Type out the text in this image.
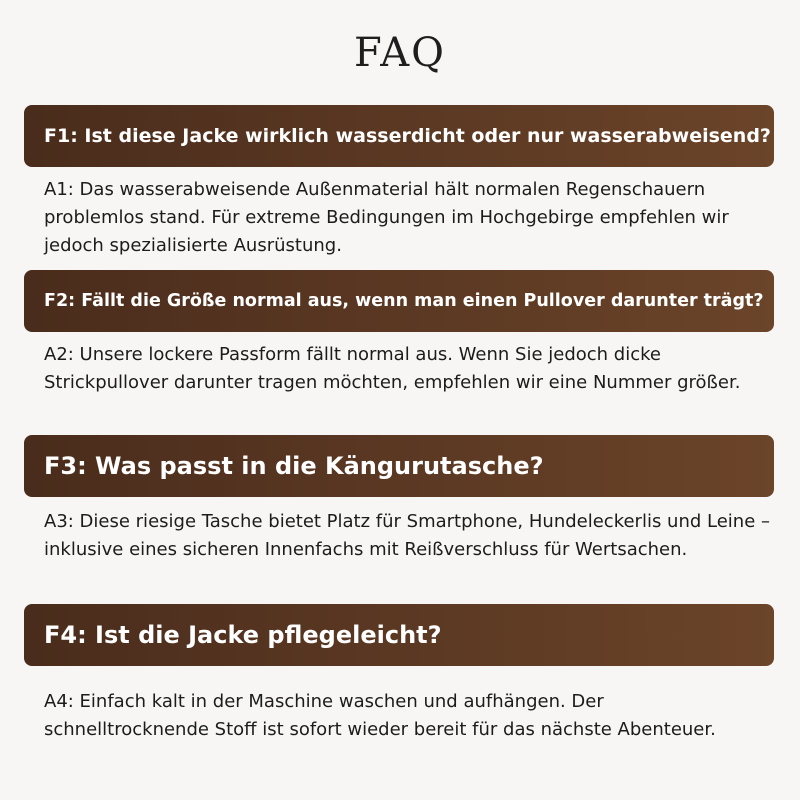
FAQ
F1: Ist diese Jacke wirklich wasserdicht oder nur wasserabweisend?
A1: Das wasserabweisende Außenmaterial hält normalen Regenschauern problemlos stand. Für extreme Bedingungen im Hochgebirge empfehlen wir jedoch spezialisierte Ausrüstung.
F2: Fällt die Größe normal aus, wenn man einen Pullover darunter trägt?
A2: Unsere lockere Passform fällt normal aus. Wenn Sie jedoch dicke Strickpullover darunter tragen möchten, empfehlen wir eine Nummer größer.
F3: Was passt in die Kängurutasche?
A3: Diese riesige Tasche bietet Platz für Smartphone, Hundeleckerlis und Leine – inklusive eines sicheren Innenfachs mit Reißverschluss für Wertsachen.
F4: Ist die Jacke pflegeleicht?
A4: Einfach kalt in der Maschine waschen und aufhängen. Der schnelltrocknende Stoff ist sofort wieder bereit für das nächste Abenteuer.
